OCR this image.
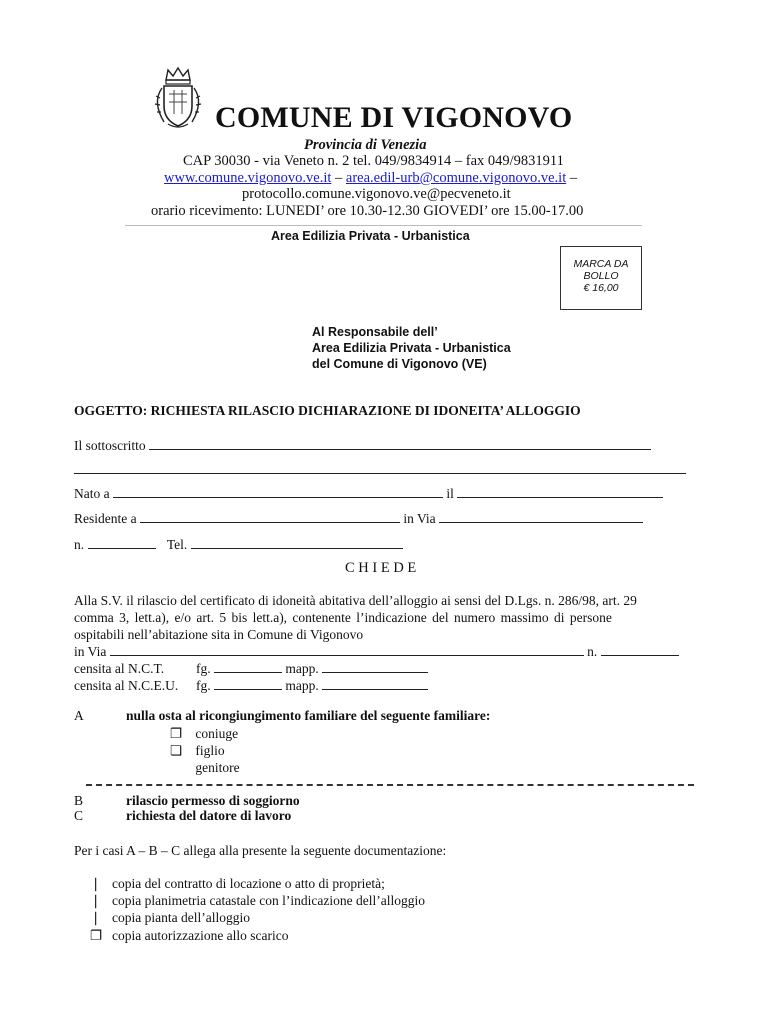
COMUNE DI VIGONOVO
Provincia di Venezia
CAP 30030 - via Veneto n. 2 tel. 049/9834914 – fax 049/9831911
www.comune.vigonovo.ve.it – area.edil-urb@comune.vigonovo.ve.it –
protocollo.comune.vigonovo.ve@pecveneto.it
orario ricevimento: LUNEDI’ ore 10.30-12.30 GIOVEDI’ ore 15.00-17.00
Area Edilizia Privata - Urbanistica
MARCA DA
BOLLO
€ 16,00
Al Responsabile dell’
Area Edilizia Privata - Urbanistica
del Comune di Vigonovo (VE)
OGGETTO: RICHIESTA RILASCIO DICHIARAZIONE DI IDONEITA’ ALLOGGIO
Il sottoscritto
Nato a	il
Residente a	in Via
n.	Tel.
C H I E D E
Alla S.V. il rilascio del certificato di idoneità abitativa dell’alloggio ai sensi del D.Lgs. n. 286/98, art. 29
comma 3, lett.a), e/o art. 5 bis lett.a), contenente l’indicazione del numero massimo di persone
ospitabili nell’abitazione sita in Comune di Vigonovo
in Via	n.
censita al N.C.T. fg.	mapp.
censita al N.C.E.U. fg.	mapp.
A	nulla osta al ricongiungimento familiare del seguente familiare:
❐ coniuge
❏ figlio
genitore
B	rilascio permesso di soggiorno
C	richiesta del datore di lavoro
Per i casi A – B – C allega alla presente la seguente documentazione:
❘ copia del contratto di locazione o atto di proprietà;
❘ copia planimetria catastale con l’indicazione dell’alloggio
❘ copia pianta dell’alloggio
❐ copia autorizzazione allo scarico
